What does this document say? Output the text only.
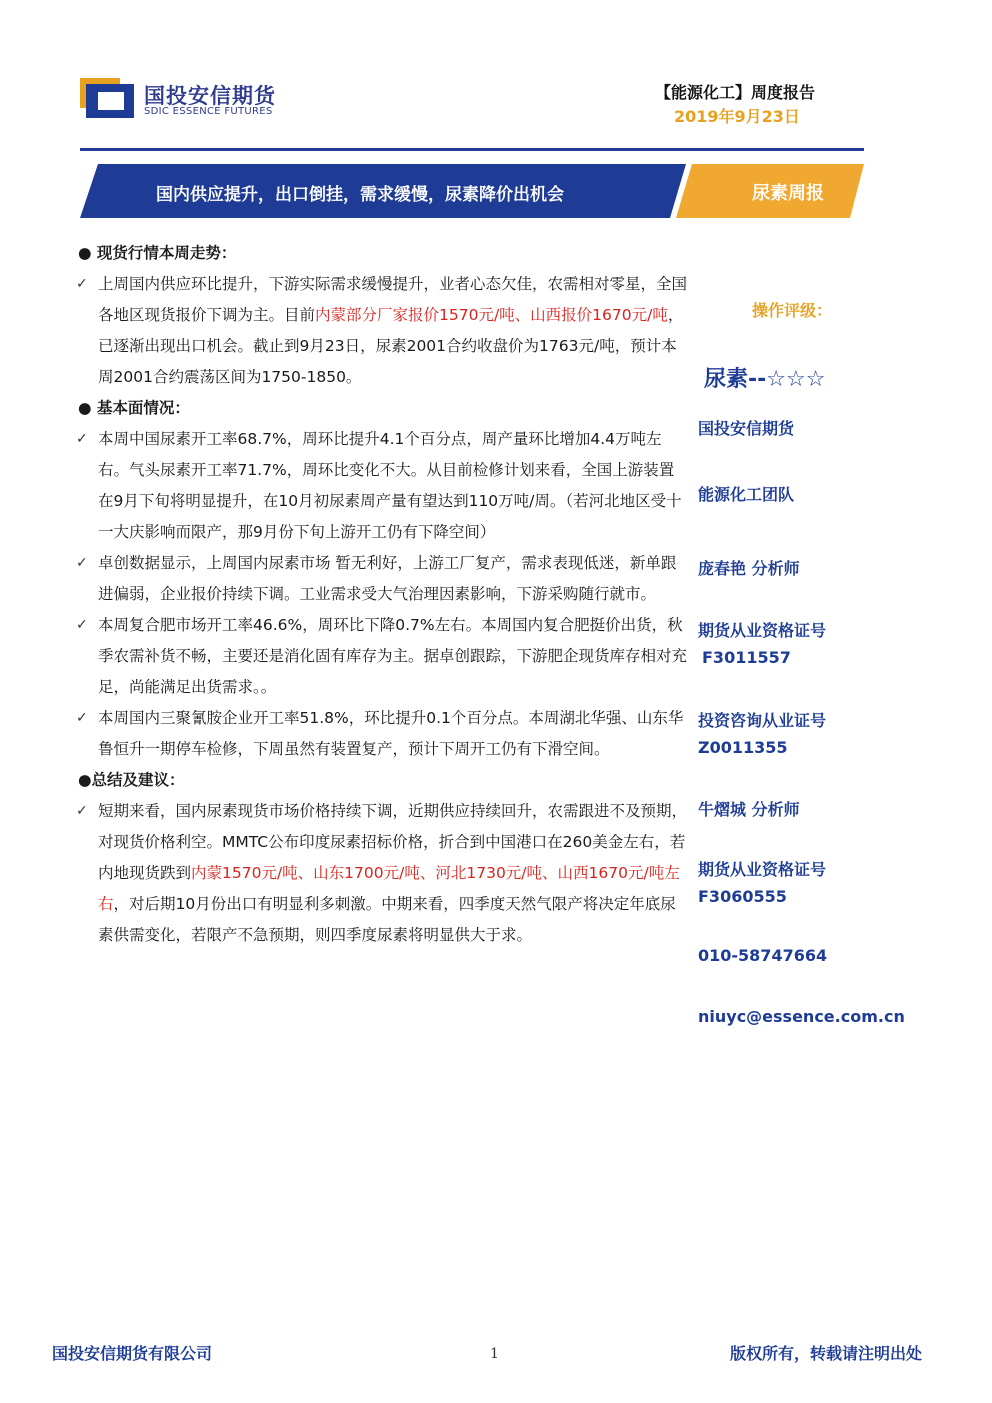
国投安信期货
SDIC ESSENCE FUTURES
【能源化工】周度报告
2019年9月23日
国内供应提升，出口倒挂，需求缓慢，尿素降价出机会	尿素周报
● 现货行情本周走势：
✓ 上周国内供应环比提升，下游实际需求缓慢提升，业者心态欠佳，农需相对零星，全国各地区现货报价下调为主。目前内蒙部分厂家报价1570元/吨、山西报价1670元/吨，已逐渐出现出口机会。截止到9月23日，尿素2001合约收盘价为1763元/吨，预计本周2001合约震荡区间为1750-1850。
● 基本面情况：
✓ 本周中国尿素开工率68.7%，周环比提升4.1个百分点，周产量环比增加4.4万吨左右。气头尿素开工率71.7%，周环比变化不大。从目前检修计划来看，全国上游装置在9月下旬将明显提升，在10月初尿素周产量有望达到110万吨/周。（若河北地区受十一大庆影响而限产，那9月份下旬上游开工仍有下降空间）
✓ 卓创数据显示，上周国内尿素市场 暂无利好，上游工厂复产，需求表现低迷，新单跟进偏弱，企业报价持续下调。工业需求受大气治理因素影响，下游采购随行就市。
✓ 本周复合肥市场开工率46.6%，周环比下降0.7%左右。本周国内复合肥挺价出货，秋季农需补货不畅，主要还是消化固有库存为主。据卓创跟踪，下游肥企现货库存相对充足，尚能满足出货需求。。
✓ 本周国内三聚氰胺企业开工率51.8%，环比提升0.1个百分点。本周湖北华强、山东华鲁恒升一期停车检修，下周虽然有装置复产，预计下周开工仍有下滑空间。
●总结及建议：
✓ 短期来看，国内尿素现货市场价格持续下调，近期供应持续回升，农需跟进不及预期，对现货价格利空。MMTC公布印度尿素招标价格，折合到中国港口在260美金左右，若内地现货跌到内蒙1570元/吨、山东1700元/吨、河北1730元/吨、山西1670元/吨左右，对后期10月份出口有明显利多刺激。中期来看，四季度天然气限产将决定年底尿素供需变化，若限产不急预期，则四季度尿素将明显供大于求。
操作评级：
尿素--☆☆☆
国投安信期货
能源化工团队
庞春艳 分析师
期货从业资格证号
F3011557
投资咨询从业证号
Z0011355
牛熠城 分析师
期货从业资格证号
F3060555
010-58747664
niuyc@essence.com.cn
国投安信期货有限公司	1	版权所有，转载请注明出处
